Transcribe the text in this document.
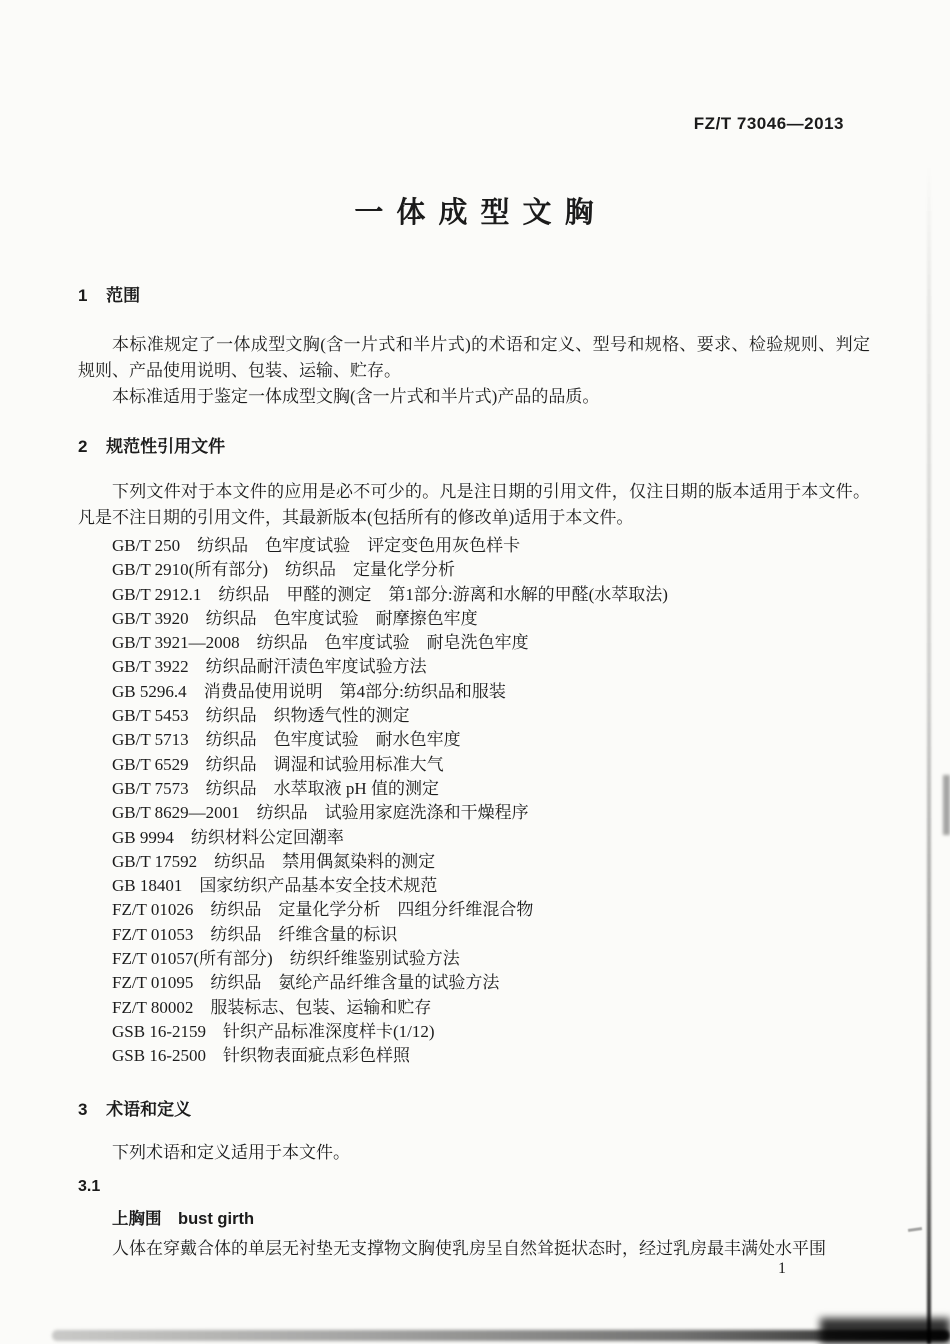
FZ/T 73046—2013
一体成型文胸
1 范围

本标准规定了一体成型文胸(含一片式和半片式)的术语和定义、型号和规格、要求、检验规则、判定规则、产品使用说明、包装、运输、贮存。

本标准适用于鉴定一体成型文胸(含一片式和半片式)产品的品质。

2 规范性引用文件

下列文件对于本文件的应用是必不可少的。凡是注日期的引用文件，仅注日期的版本适用于本文件。凡是不注日期的引用文件，其最新版本(包括所有的修改单)适用于本文件。

GB/T 250　纺织品　色牢度试验　评定变色用灰色样卡
GB/T 2910(所有部分)　纺织品　定量化学分析
GB/T 2912.1　纺织品　甲醛的测定　第1部分:游离和水解的甲醛(水萃取法)
GB/T 3920　纺织品　色牢度试验　耐摩擦色牢度
GB/T 3921—2008　纺织品　色牢度试验　耐皂洗色牢度
GB/T 3922　纺织品耐汗渍色牢度试验方法
GB 5296.4　消费品使用说明　第4部分:纺织品和服装
GB/T 5453　纺织品　织物透气性的测定
GB/T 5713　纺织品　色牢度试验　耐水色牢度
GB/T 6529　纺织品　调湿和试验用标准大气
GB/T 7573　纺织品　水萃取液 pH 值的测定
GB/T 8629—2001　纺织品　试验用家庭洗涤和干燥程序
GB 9994　纺织材料公定回潮率
GB/T 17592　纺织品　禁用偶氮染料的测定
GB 18401　国家纺织产品基本安全技术规范
FZ/T 01026　纺织品　定量化学分析　四组分纤维混合物
FZ/T 01053　纺织品　纤维含量的标识
FZ/T 01057(所有部分)　纺织纤维鉴别试验方法
FZ/T 01095　纺织品　氨纶产品纤维含量的试验方法
FZ/T 80002　服装标志、包装、运输和贮存
GSB 16-2159　针织产品标准深度样卡(1/12)
GSB 16-2500　针织物表面疵点彩色样照
3 术语和定义

下列术语和定义适用于本文件。

3.1

上胸围　bust girth

人体在穿戴合体的单层无衬垫无支撑物文胸使乳房呈自然耸挺状态时，经过乳房最丰满处水平围

1
